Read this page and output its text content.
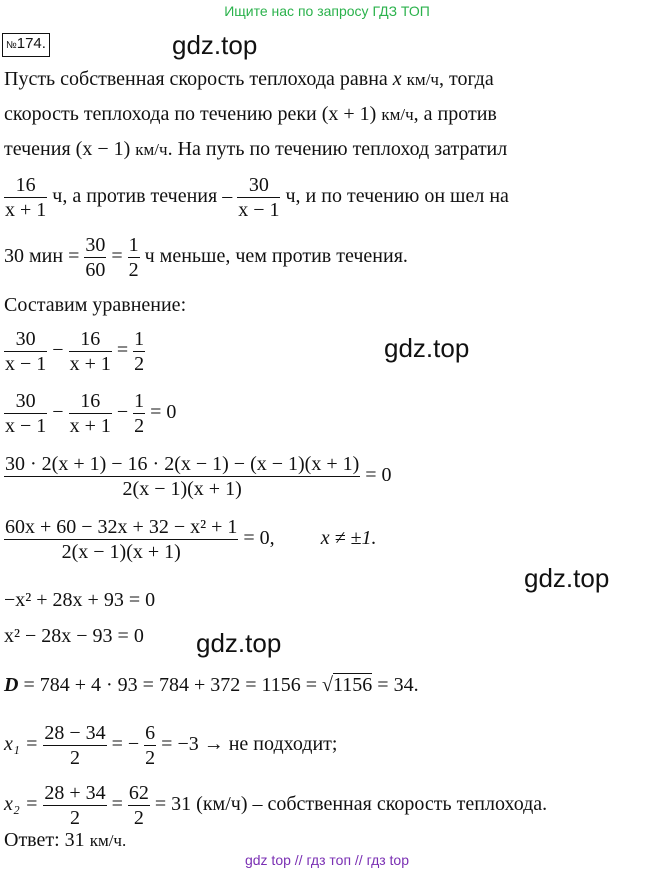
Ищите нас по запросу ГДЗ ТОП
№174.	gdz.top
Пусть собственная скорость теплохода равна x км/ч, тогда
скорость теплохода по течению реки (x + 1) км/ч, а против
течения (x − 1) км/ч. На путь по течению теплоход затратил
$\frac{16}{x + 1} ч$, а против течения – $\frac{30}{x - 1} ч$, и по течению он шел на
30 мин = $\frac{30}{60} = \frac{1}{2}$ ч меньше, чем против течения.
Составим уравнение:
$\frac{30}{x - 1} - \frac{16}{x + 1} = \frac{1}{2}$	gdz.top
$\frac{30}{x - 1} - \frac{16}{x + 1} - \frac{1}{2} = 0$
$\frac{30 \cdot 2(x + 1) - 16 \cdot 2(x - 1) - (x - 1)(x + 1)}{2(x - 1)(x + 1)} = 0$
$\frac{\text{60x + 60 − 32x + 32 − x² + 1}}{2(x - 1)(x + 1)} = 0$, x ≠ ±1.
gdz.top
−x² + 28x + 93 = 0
x² − 28x − 93 = 0 gdz.top
D = 784 + 4 · 93 = 784 + 372 = 1156 = √1156 = 34.
$x_1 = \frac{28 - 34}{2}$ = − $\frac{6}{2} = -3$ → не подходит;
$x_2 = \frac{28 + 34}{2} = \frac{62}{2} = 31$ (км/ч) – собственная скорость теплохода.
Ответ: 31 км/ч.
gdz top // гдз топ // гдз top
